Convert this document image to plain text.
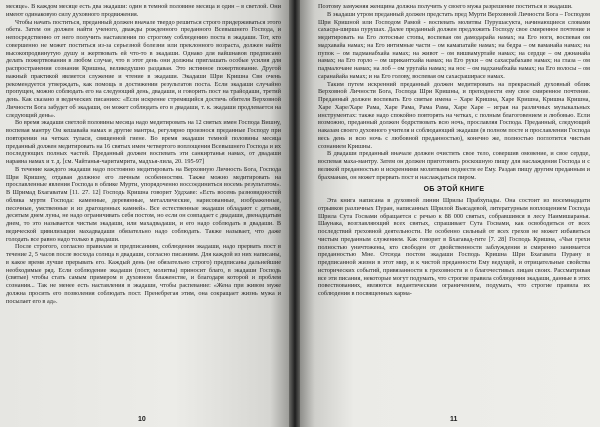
месяце». В каждом месяце есть два экадаши: один в темной половине месяца и один – в светлой. Они имеют одинаковую силу духовного продвижения.

Чтобы начать поститься, преданный должен вначале твердо решиться строго придерживаться этого обета. Затем он должен найти ученого, дважды рожденного преданного Всевышнего Господа, и непосредственно от него получить наставления по строгому соблюдению поста в экадаши. Тот, кто совершенно не может поститься из-за серьезной болезни или преклонного возраста, должен найти высокопродвинутую душу и жертвовать ей что-то в экадаши. Однако для вайшнавов предписано делать пожертвования в любом случае, что в этот день они должны приглашать особые усилия для распространения сознания Кришны, великодушно раздавая. Это истинное пожертвование. Другой важный практикой является служение и чтение в экадаши. Экадаши Шри Кришна Свя очень рекомендуется утверждать, как помощь в достижении результатов поста. Если экадаши случайно пропущен, можно соблюдать его на следующий день, двадаши, и говорить пост на трайодаши, третий день. Как сказано в ведических писаниях: «Если искренне стремящийся достичь обителя Верховной Личности Бога забудет об экадаши, он может соблюдать его в двадаши, т. к. экадаши продлевается на следующий день».

Во время экадаши светлой половины месяца надо медитировать на 12 святых имен Господа Вишну, воспевая мантру Ом кешавайа намах и другие мантры, регулярно произнося преданные Господу при повторении на четках туласи, священной гиене. Во время экадаши темной половины месяца преданный должен медитировать на 16 святых имен четвертого воплощения Всевышнего Господа и их последующих полных частей. Преданный должен воспевать эти санкиртанья намах, от двадаши нараяна намах и т. д. [см. Чайтанья-чаритамрита, мадхья-лила, 20. 195-97]

В течение каждого экадаши надо постоянно медитировать на Верховную Личность Бога, Господа Шри Кришну, отдавая должное его личным особенностям. Также можно медитировать на прославленные явления Господа в облике Мурти, упорядоченно воссоединиться восемь результатом». В Шримад Бхагаватам [11. 27. 12] Господь Кришна говорит Уддхаве: «Есть восемь разновидностей облика мурти Господа: каменные, деревянные, металлические, нарисованные, изображенные, песочные, умственные и из драгоценных камней». Все естественные экадаши обладают с детьми, десятым днем луны, не надо ограничивать себя постом, но если он совпадает с двадаши, двенадцатым днем, то это называется чистым экадаши, или махадвадаши, и его надо соблюдать в двадаши. В ведической цивилизации махадвадаши обязательно надо соблюдать. Также называет, что даже голодать все равно надо только в двадаши.

После строгого, согласно правилам и предписаниям, соблюдения экадаши, надо прервать пост в течение 2, 5 часов после восхода солнца в двадаши, согласно писаниям. Для каждой из них написаны, в какое время лучше прерывать его. Каждый день (не обязательно строго) предписаны дальнейшие необходимые ряд. Если соблюдение экадаши (пост, молитва) приносит благо, в экадаши Господь (святые) чтобы стать самым примером в духовном блаженстве, и благодаря которой и проблем сознания... Так не менее есть наставления в экадаши, чтобы распевание: «Жена при живом муже должна просить его позволения соблюдать пост. Пренебрегая этим, она сокращает жизнь мужа и посылает его в ад».

10

Поэтому замужняя женщина должна получить у своего мужа разрешение поститься в экадаши.

В экадаши утром преданный должен предстать пред Мурти Верховной Личности Бога – Господом Шри Кришной или Господом Рамой - воспевать молитвы Пурушасукта, начинающиеся словами сахасра-ширша пурушах. Далее преданный должен предложить Господу свое смиренное почтение и медитировать на Его лотосные стопы, воспевая ом дамодарайа намах; на Его ноги, воспевая ом мадхавайа намах; на Его интимные части – ом камапатайе намах; на бедра – ом ваманайа намах; на пупок – ом падманабхайа намах; на живот – ом вишвамуртайе намах; на сердце – ом джнанайа намах; на Его горло – ом шрикантхайа намах; на Его руки – ом сахасрабахаве намах; на глаза – ом падмалочане намах; на лоб – ом уругайа намах; на нос – ом вадханабхайа намах; на Его волосы – ом саранайайа намах; и на Его голову, воспевая ом сахасраширасе намах.

Таким путем искренний преданный должен медитировать на прекрасный духовный облик Верховной Личности Бога, Господа Шри Кришны, и преподнести ему свое смиренное почтение. Преданный должен воспевать Его святые имена – Харе Кришна, Харе Кришна, Кришна Кришна, Харе Харе/Харе Рама, Харе Рама, Рама Рама, Харе Харе – играя на различных музыкальных инструментах: также надо спокойно повторять на четках, с полным благоговением и любовью. Если возможно, преданный должен бодрствовать всю ночь, прославляя Господа. Преданный, следующий наказам своего духовного учителя и соблюдающий экадаши (в полном посте и прославлении Господа весь день и всю ночь с любовной преданностью), конечно же, полностью поглотится чистым сознанием Кришны.

В двадаши преданный вначале должен очистить свое тело, совершив омовение, и свое сердце, воспевая маха-мантру. Затем он должен приготовить роскошную пищу для наслаждения Господа и с великой преданностью и искренними молитвами поднести ее Ему. Раздав пищу другим преданным и брахманам, он может прервать пост и наслаждаться пиром.

ОБ ЭТОЙ КНИГЕ

Эта книга написана в духовной линии Шрилы Прабхупады. Она состоит из восемнадцати отрывков различных Пуран, написанных Шрилой Вьясадевой, литературным воплощением Господа Шрила Сута Госвами обращается с речью к 88 000 святых, собравшимся в лесу Наимишаранья. Шаунака, возглавляющий всех святых, спрашивает Сута Госвами, как освободиться от всех последствий греховной деятельности. Не особенно сильный от всех грехов не может избавиться чистым преданным служением. Как говорит в Бхагавад-гите [7. 28] Господь Кришна, «Чьи грехи полностью уничтожены, кто свободен от двойственности заблуждения и смиренно занимается преданностью Мне. Отсюда постом экадаши Господь Кришна Шри Бхагавата Пурану в предписанной жизни в этот мир, и к чистой преданности Ему ведущей, и отрицательные свойства исторических событий, привязанности к греховности и о благочестивых лицам своих. Рассматривая все эти писания, некоторые могут подумать, что строгие правила соблюдения экадаши, данные в этих повествованиях, являются ведантическим ограничением, подумать, что строгие правила их соблюдения в посвященных карма-

11
